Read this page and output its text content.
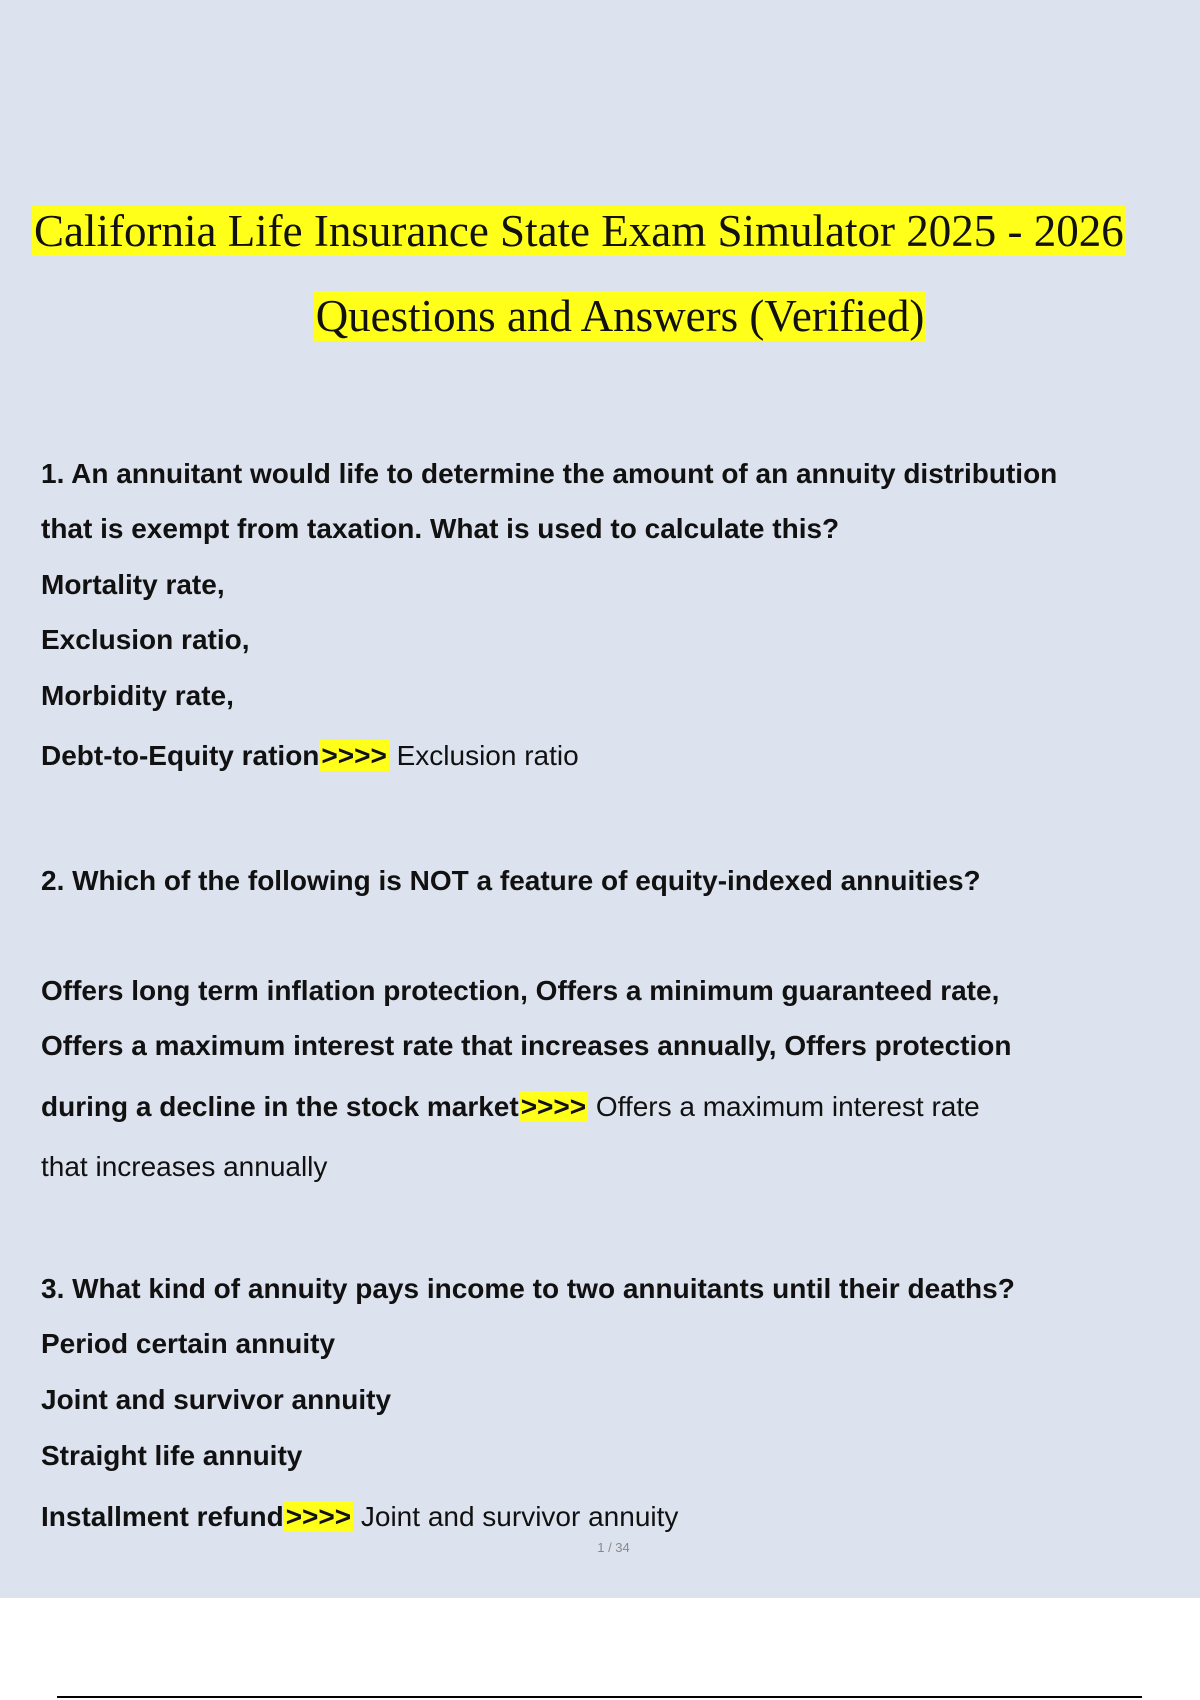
California Life Insurance State Exam Simulator 2025 - 2026
Questions and Answers (Verified)
1. An annuitant would life to determine the amount of an annuity distribution
that is exempt from taxation. What is used to calculate this?
Mortality rate,
Exclusion ratio,
Morbidity rate,
Debt-to-Equity ration>>>> Exclusion ratio
2. Which of the following is NOT a feature of equity-indexed annuities?
Offers long term inflation protection, Offers a minimum guaranteed rate,
Offers a maximum interest rate that increases annually, Offers protection
during a decline in the stock market>>>> Offers a maximum interest rate
that increases annually
3. What kind of annuity pays income to two annuitants until their deaths?
Period certain annuity
Joint and survivor annuity
Straight life annuity
Installment refund>>>> Joint and survivor annuity
1 / 34
